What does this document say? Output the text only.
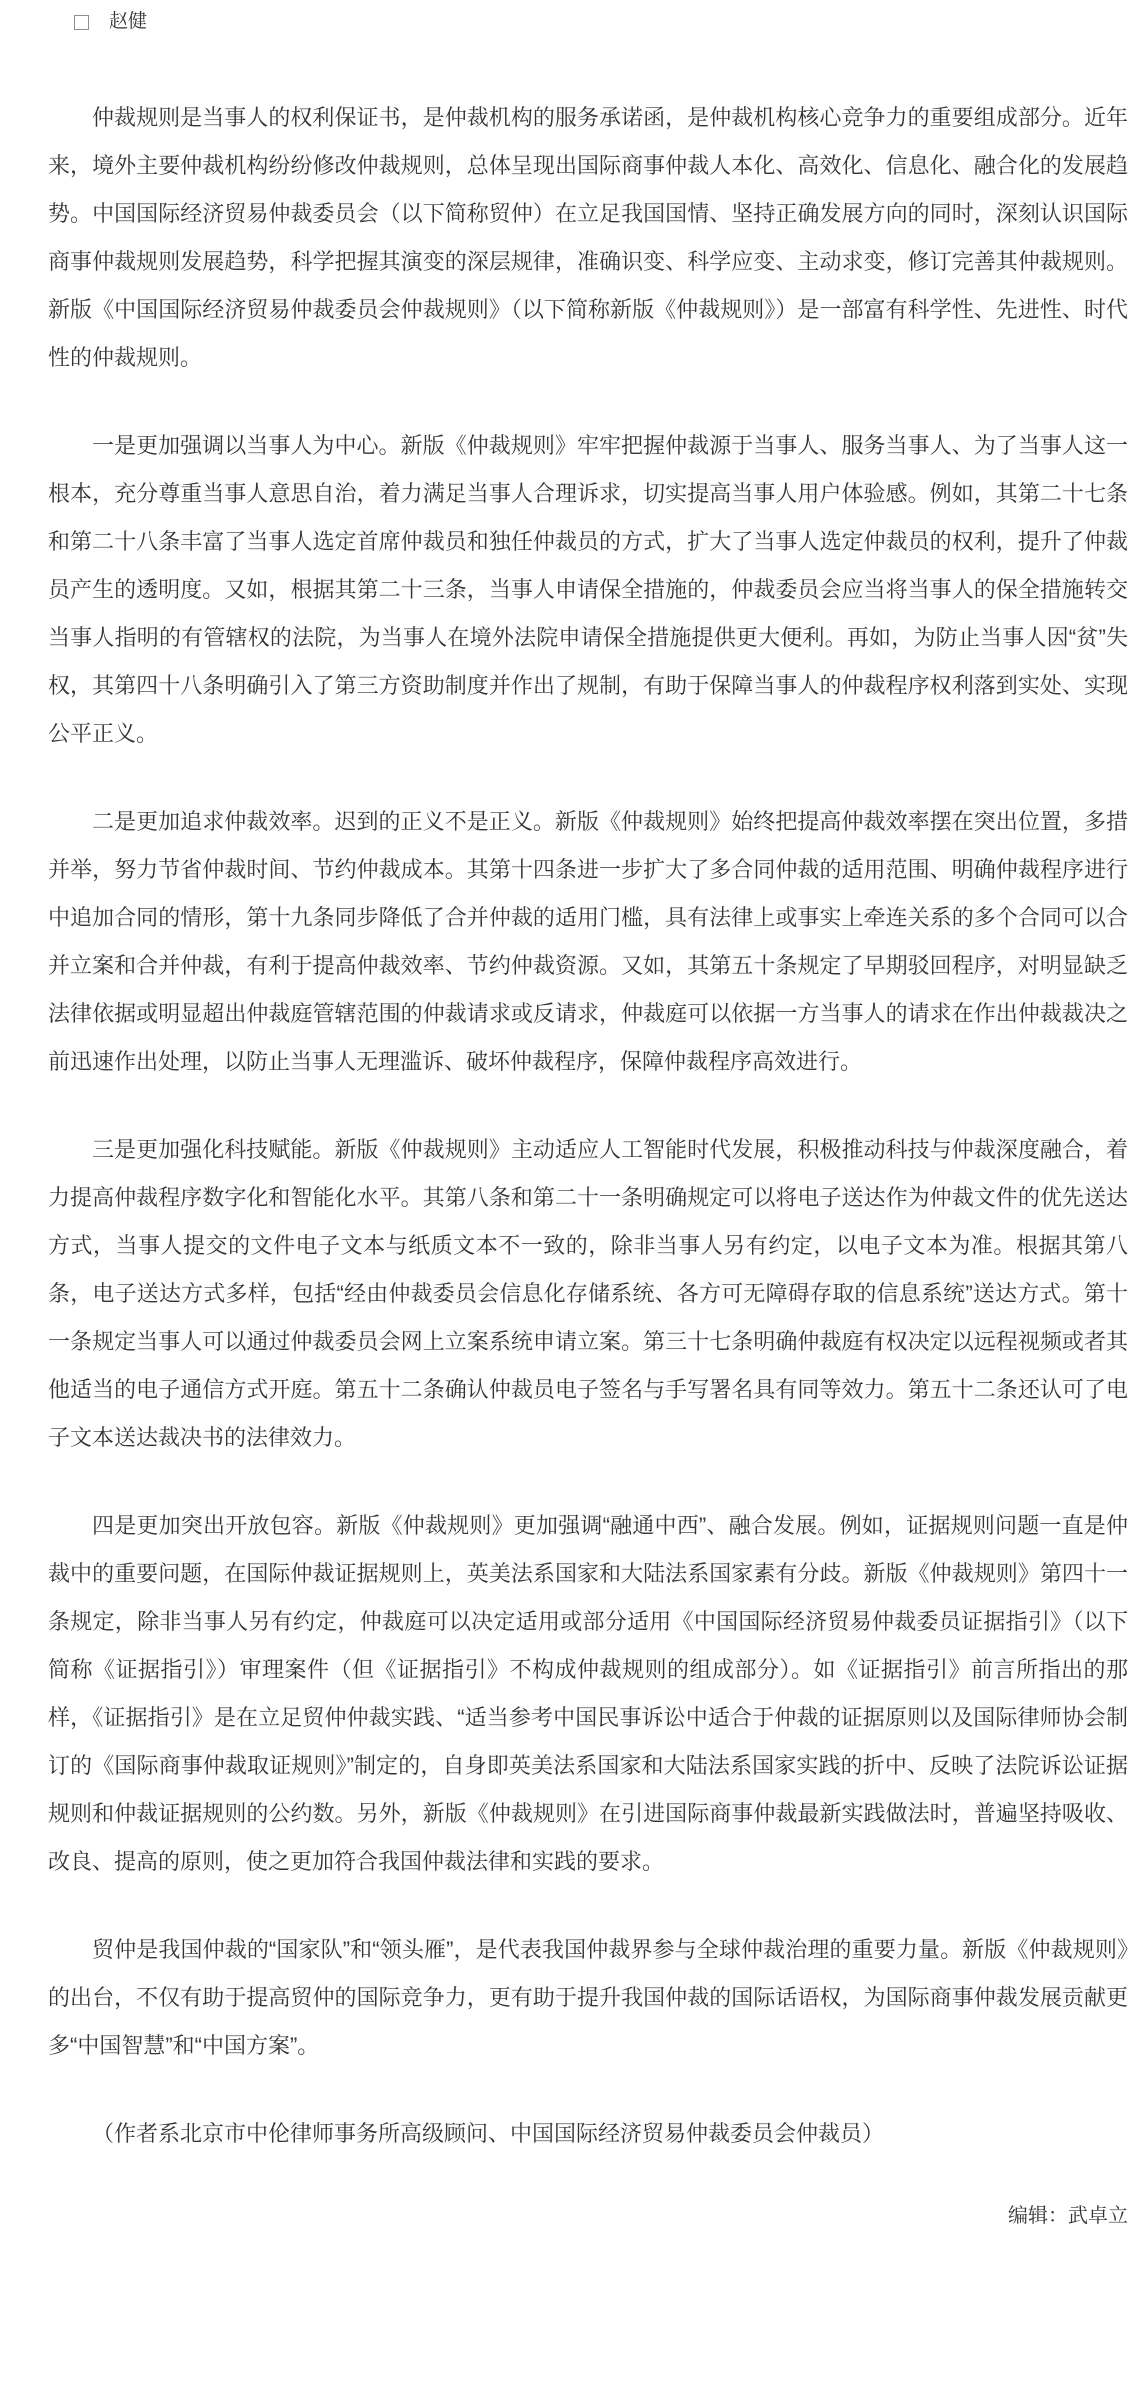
赵健

仲裁规则是当事人的权利保证书，是仲裁机构的服务承诺函，是仲裁机构核心竞争力的重要组成部分。近年来，境外主要仲裁机构纷纷修改仲裁规则，总体呈现出国际商事仲裁人本化、高效化、信息化、融合化的发展趋势。中国国际经济贸易仲裁委员会（以下简称贸仲）在立足我国国情、坚持正确发展方向的同时，深刻认识国际商事仲裁规则发展趋势，科学把握其演变的深层规律，准确识变、科学应变、主动求变，修订完善其仲裁规则。新版《中国国际经济贸易仲裁委员会仲裁规则》（以下简称新版《仲裁规则》）是一部富有科学性、先进性、时代性的仲裁规则。

一是更加强调以当事人为中心。新版《仲裁规则》牢牢把握仲裁源于当事人、服务当事人、为了当事人这一根本，充分尊重当事人意思自治，着力满足当事人合理诉求，切实提高当事人用户体验感。例如，其第二十七条和第二十八条丰富了当事人选定首席仲裁员和独任仲裁员的方式，扩大了当事人选定仲裁员的权利，提升了仲裁员产生的透明度。又如，根据其第二十三条，当事人申请保全措施的，仲裁委员会应当将当事人的保全措施转交当事人指明的有管辖权的法院，为当事人在境外法院申请保全措施提供更大便利。再如，为防止当事人因“贫”失权，其第四十八条明确引入了第三方资助制度并作出了规制，有助于保障当事人的仲裁程序权利落到实处、实现公平正义。

二是更加追求仲裁效率。迟到的正义不是正义。新版《仲裁规则》始终把提高仲裁效率摆在突出位置，多措并举，努力节省仲裁时间、节约仲裁成本。其第十四条进一步扩大了多合同仲裁的适用范围、明确仲裁程序进行中追加合同的情形，第十九条同步降低了合并仲裁的适用门槛，具有法律上或事实上牵连关系的多个合同可以合并立案和合并仲裁，有利于提高仲裁效率、节约仲裁资源。又如，其第五十条规定了早期驳回程序，对明显缺乏法律依据或明显超出仲裁庭管辖范围的仲裁请求或反请求，仲裁庭可以依据一方当事人的请求在作出仲裁裁决之前迅速作出处理，以防止当事人无理滥诉、破坏仲裁程序，保障仲裁程序高效进行。

三是更加强化科技赋能。新版《仲裁规则》主动适应人工智能时代发展，积极推动科技与仲裁深度融合，着力提高仲裁程序数字化和智能化水平。其第八条和第二十一条明确规定可以将电子送达作为仲裁文件的优先送达方式，当事人提交的文件电子文本与纸质文本不一致的，除非当事人另有约定，以电子文本为准。根据其第八条，电子送达方式多样，包括“经由仲裁委员会信息化存储系统、各方可无障碍存取的信息系统”送达方式。第十一条规定当事人可以通过仲裁委员会网上立案系统申请立案。第三十七条明确仲裁庭有权决定以远程视频或者其他适当的电子通信方式开庭。第五十二条确认仲裁员电子签名与手写署名具有同等效力。第五十二条还认可了电子文本送达裁决书的法律效力。

四是更加突出开放包容。新版《仲裁规则》更加强调“融通中西”、融合发展。例如，证据规则问题一直是仲裁中的重要问题，在国际仲裁证据规则上，英美法系国家和大陆法系国家素有分歧。新版《仲裁规则》第四十一条规定，除非当事人另有约定，仲裁庭可以决定适用或部分适用《中国国际经济贸易仲裁委员证据指引》（以下简称《证据指引》）审理案件（但《证据指引》不构成仲裁规则的组成部分）。如《证据指引》前言所指出的那样，《证据指引》是在立足贸仲仲裁实践、“适当参考中国民事诉讼中适合于仲裁的证据原则以及国际律师协会制订的《国际商事仲裁取证规则》”制定的，自身即英美法系国家和大陆法系国家实践的折中、反映了法院诉讼证据规则和仲裁证据规则的公约数。另外，新版《仲裁规则》在引进国际商事仲裁最新实践做法时，普遍坚持吸收、改良、提高的原则，使之更加符合我国仲裁法律和实践的要求。

贸仲是我国仲裁的“国家队”和“领头雁”，是代表我国仲裁界参与全球仲裁治理的重要力量。新版《仲裁规则》的出台，不仅有助于提高贸仲的国际竞争力，更有助于提升我国仲裁的国际话语权，为国际商事仲裁发展贡献更多“中国智慧”和“中国方案”。

（作者系北京市中伦律师事务所高级顾问、中国国际经济贸易仲裁委员会仲裁员）

编辑：武卓立
